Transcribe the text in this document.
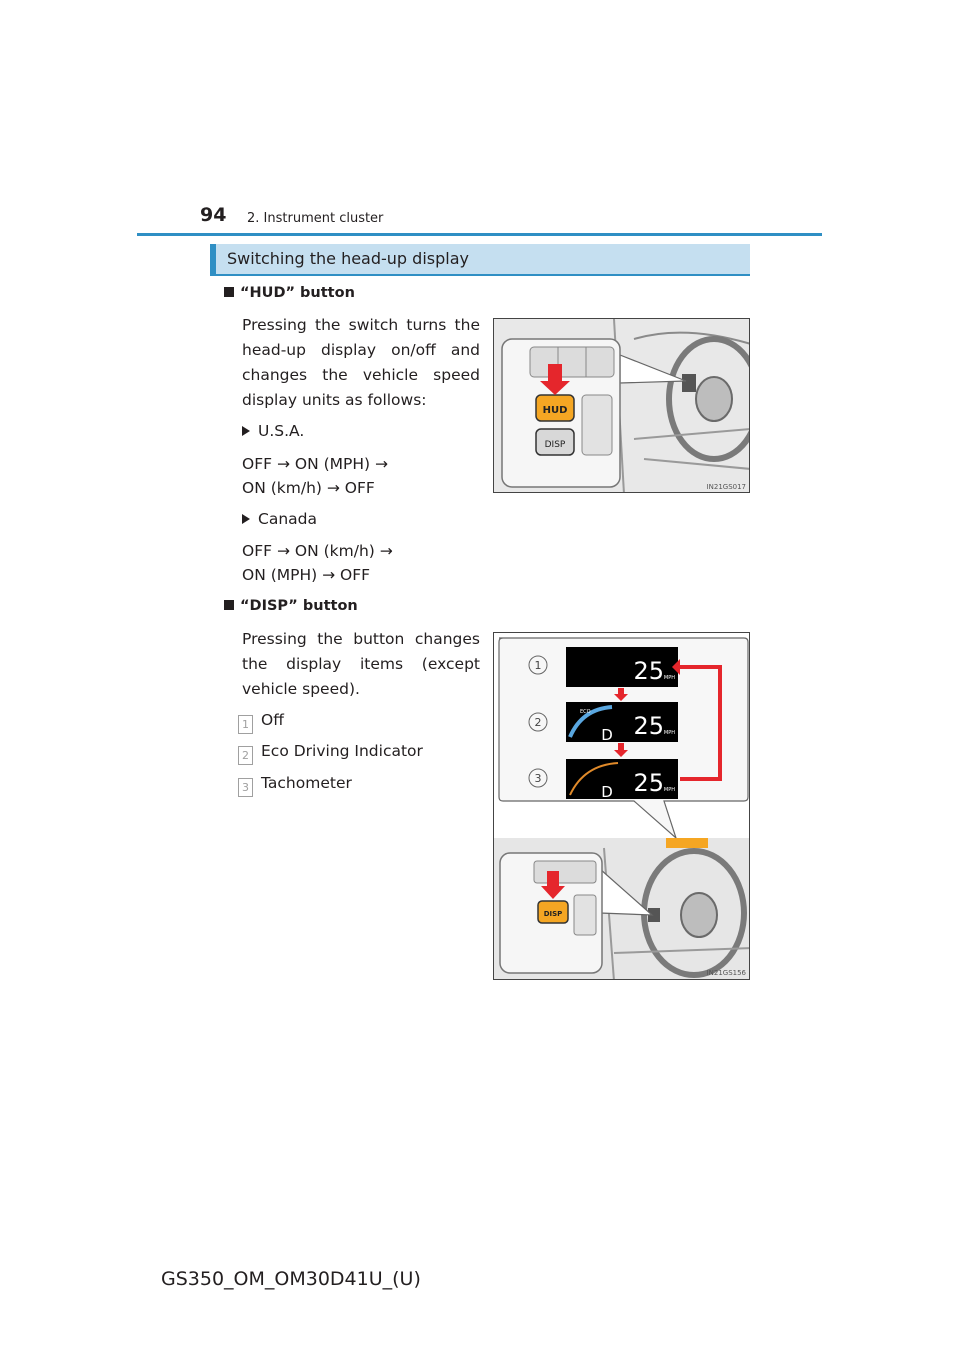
94 2. Instrument cluster
Switching the head-up display
“HUD” button
Pressing the switch turns the head-up display on/off and changes the vehicle speed display units as follows:
U.S.A.
OFF → ON (MPH) →
ON (km/h) → OFF
Canada
OFF → ON (km/h) →
ON (MPH) → OFF
HUD
DISP
IN21GS017
“DISP” button
Pressing the button changes the display items (except vehicle speed).
1 Off
2 Eco Driving Indicator
3 Tachometer
1
2
3
25 MPH
ECO
D 25 MPH
D 25 MPH
DISP
IN21GS156
GS350_OM_OM30D41U_(U)
